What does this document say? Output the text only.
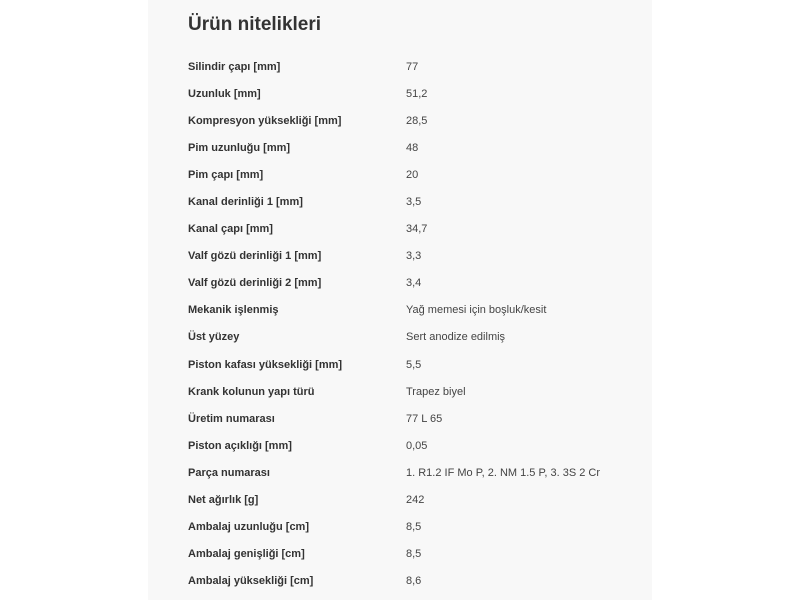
Ürün nitelikleri
Silindir çapı [mm]	77
Uzunluk [mm]	51,2
Kompresyon yüksekliği [mm]	28,5
Pim uzunluğu [mm]	48
Pim çapı [mm]	20
Kanal derinliği 1 [mm]	3,5
Kanal çapı [mm]	34,7
Valf gözü derinliği 1 [mm]	3,3
Valf gözü derinliği 2 [mm]	3,4
Mekanik işlenmiş	Yağ memesi için boşluk/kesit
Üst yüzey	Sert anodize edilmiş
Piston kafası yüksekliği [mm]	5,5
Krank kolunun yapı türü	Trapez biyel
Üretim numarası	77 L 65
Piston açıklığı [mm]	0,05
Parça numarası	1. R1.2 IF Mo P, 2. NM 1.5 P, 3. 3S 2 Cr
Net ağırlık [g]	242
Ambalaj uzunluğu [cm]	8,5
Ambalaj genişliği [cm]	8,5
Ambalaj yüksekliği [cm]	8,6
